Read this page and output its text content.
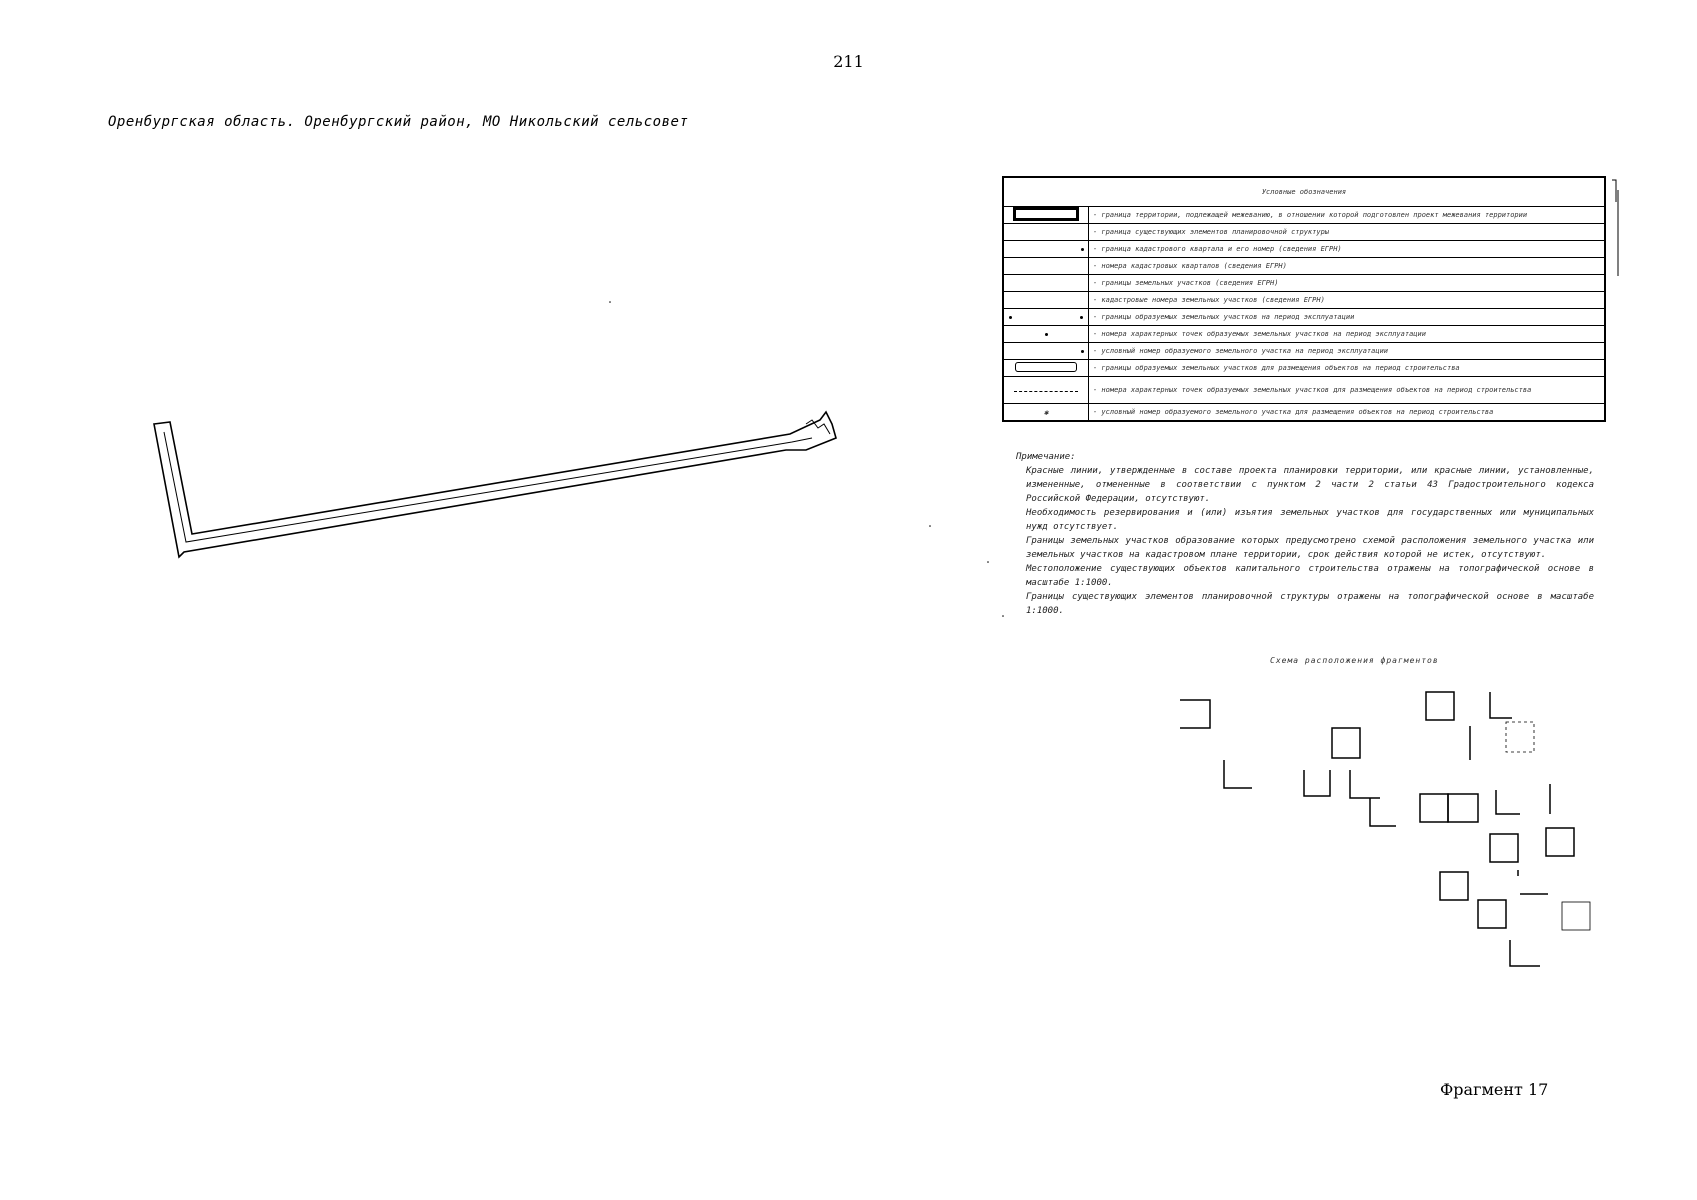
211
Оренбургская область. Оренбургский район, МО Никольский сельсовет
Условные обозначения	
	- граница территории, подлежащей межеванию, в отношении которой подготовлен проект межевания территории
	- граница существующих элементов планировочной структуры
	- граница кадастрового квартала и его номер (сведения ЕГРН)
	- номера кадастровых кварталов (сведения ЕГРН)
	- границы земельных участков (сведения ЕГРН)
	- кадастровые номера земельных участков (сведения ЕГРН)
	- границы образуемых земельных участков на период эксплуатации
	- номера характерных точек образуемых земельных участков на период эксплуатации
	- условный номер образуемого земельного участка на период эксплуатации
	- границы образуемых земельных участков для размещения объектов на период строительства
	- номера характерных точек образуемых земельных участков для размещения объектов на период строительства
✱	- условный номер образуемого земельного участка для размещения объектов на период строительства
Примечание:
Красные линии, утвержденные в составе проекта планировки территории, или красные линии, установленные, измененные, отмененные в соответствии с пунктом 2 части 2 статьи 43 Градостроительного кодекса Российской Федерации, отсутствуют.
Необходимость резервирования и (или) изъятия земельных участков для государственных или муниципальных нужд отсутствует.
Границы земельных участков образование которых предусмотрено схемой расположения земельного участка или земельных участков на кадастровом плане территории, срок действия которой не истек, отсутствуют.
Местоположение существующих объектов капитального строительства отражены на топографической основе в масштабе 1:1000.
Границы существующих элементов планировочной структуры отражены на топографической основе в масштабе 1:1000.
Схема расположения фрагментов
Фрагмент 17
